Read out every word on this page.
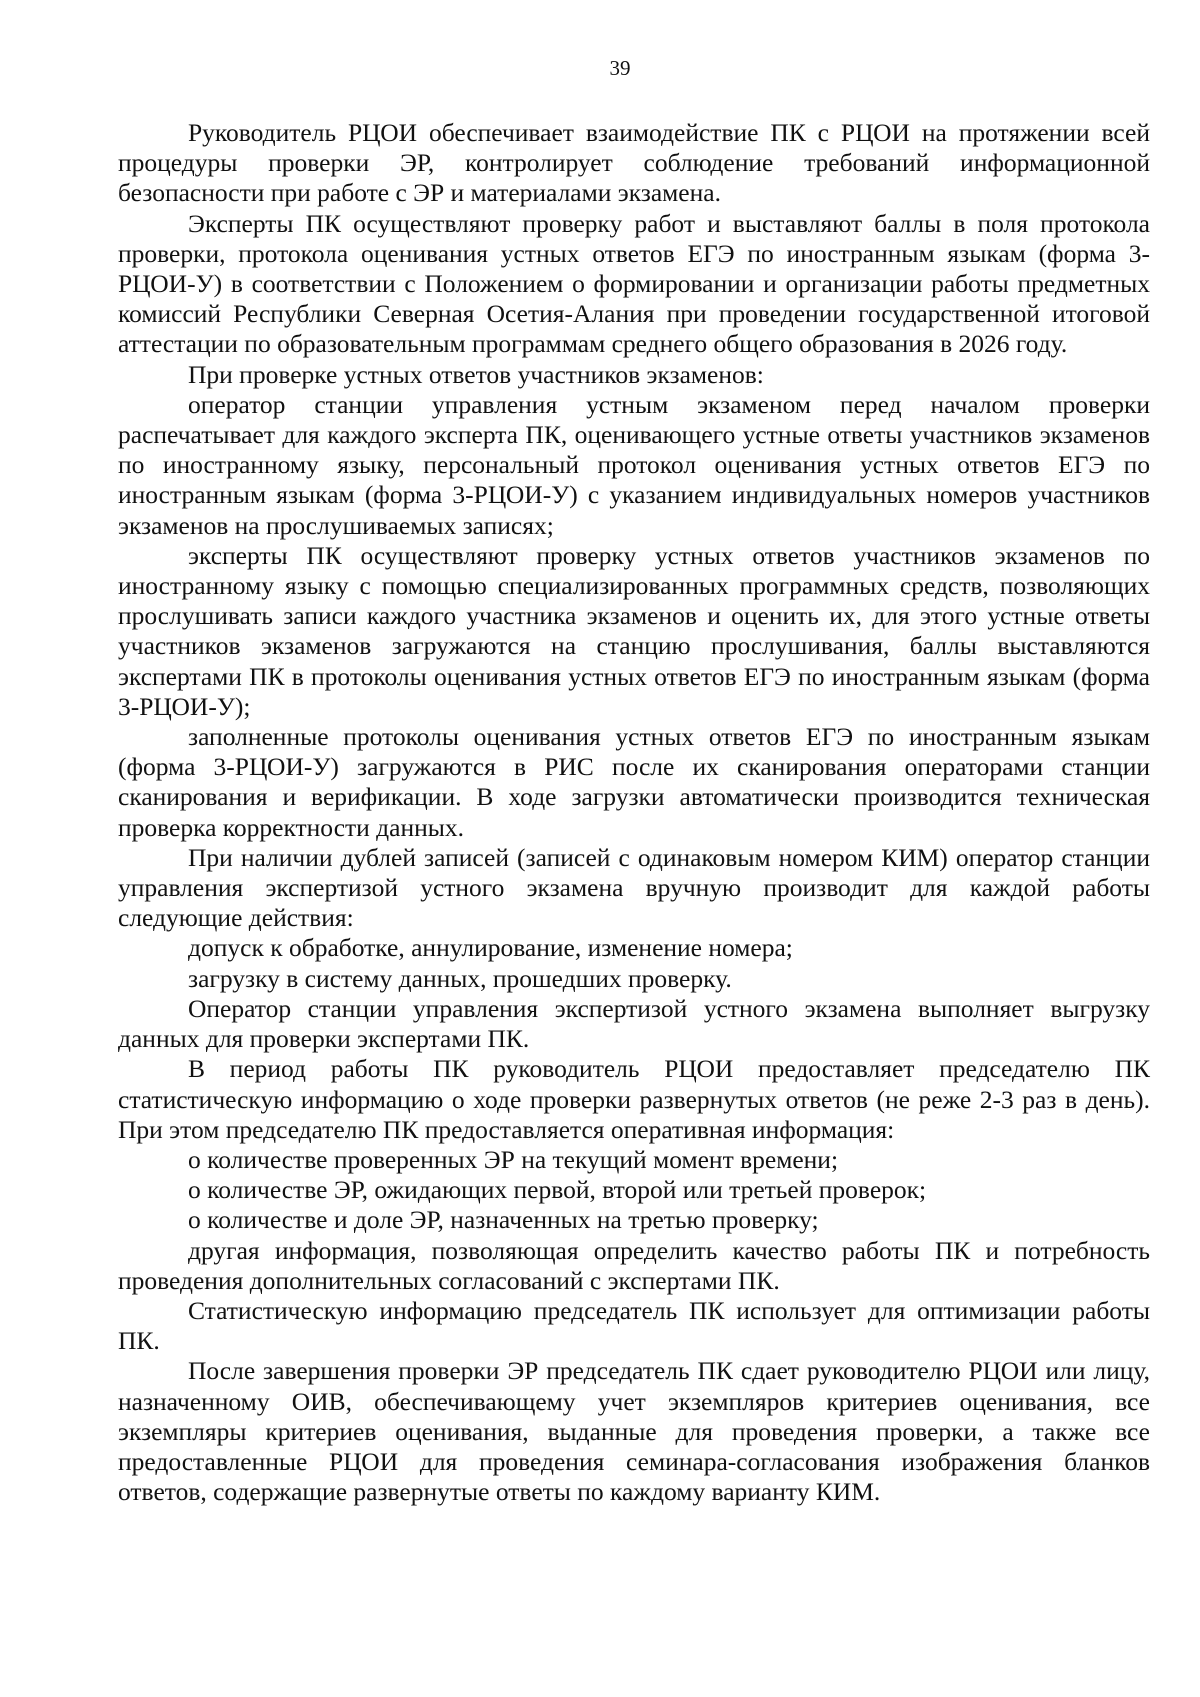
39

Руководитель РЦОИ обеспечивает взаимодействие ПК с РЦОИ на протяжении всей процедуры проверки ЭР, контролирует соблюдение требований информационной безопасности при работе с ЭР и материалами экзамена.

Эксперты ПК осуществляют проверку работ и выставляют баллы в поля протокола проверки, протокола оценивания устных ответов ЕГЭ по иностранным языкам (форма 3-РЦОИ-У) в соответствии с Положением о формировании и организации работы предметных комиссий Республики Северная Осетия-Алания при проведении государственной итоговой аттестации по образовательным программам среднего общего образования в 2026 году.

При проверке устных ответов участников экзаменов:

оператор станции управления устным экзаменом перед началом проверки распечатывает для каждого эксперта ПК, оценивающего устные ответы участников экзаменов по иностранному языку, персональный протокол оценивания устных ответов ЕГЭ по иностранным языкам (форма 3-РЦОИ-У) с указанием индивидуальных номеров участников экзаменов на прослушиваемых записях;

эксперты ПК осуществляют проверку устных ответов участников экзаменов по иностранному языку с помощью специализированных программных средств, позволяющих прослушивать записи каждого участника экзаменов и оценить их, для этого устные ответы участников экзаменов загружаются на станцию прослушивания, баллы выставляются экспертами ПК в протоколы оценивания устных ответов ЕГЭ по иностранным языкам (форма 3-РЦОИ-У);

заполненные протоколы оценивания устных ответов ЕГЭ по иностранным языкам (форма 3-РЦОИ-У) загружаются в РИС после их сканирования операторами станции сканирования и верификации. В ходе загрузки автоматически производится техническая проверка корректности данных.

При наличии дублей записей (записей с одинаковым номером КИМ) оператор станции управления экспертизой устного экзамена вручную производит для каждой работы следующие действия:

допуск к обработке, аннулирование, изменение номера;

загрузку в систему данных, прошедших проверку.

Оператор станции управления экспертизой устного экзамена выполняет выгрузку данных для проверки экспертами ПК.

В период работы ПК руководитель РЦОИ предоставляет председателю ПК статистическую информацию о ходе проверки развернутых ответов (не реже 2-3 раз в день). При этом председателю ПК предоставляется оперативная информация:

о количестве проверенных ЭР на текущий момент времени;

о количестве ЭР, ожидающих первой, второй или третьей проверок;

о количестве и доле ЭР, назначенных на третью проверку;

другая информация, позволяющая определить качество работы ПК и потребность проведения дополнительных согласований с экспертами ПК.

Статистическую информацию председатель ПК использует для оптимизации работы ПК.

После завершения проверки ЭР председатель ПК сдает руководителю РЦОИ или лицу, назначенному ОИВ, обеспечивающему учет экземпляров критериев оценивания, все экземпляры критериев оценивания, выданные для проведения проверки, а также все предоставленные РЦОИ для проведения семинара-согласования изображения бланков ответов, содержащие развернутые ответы по каждому варианту КИМ.
